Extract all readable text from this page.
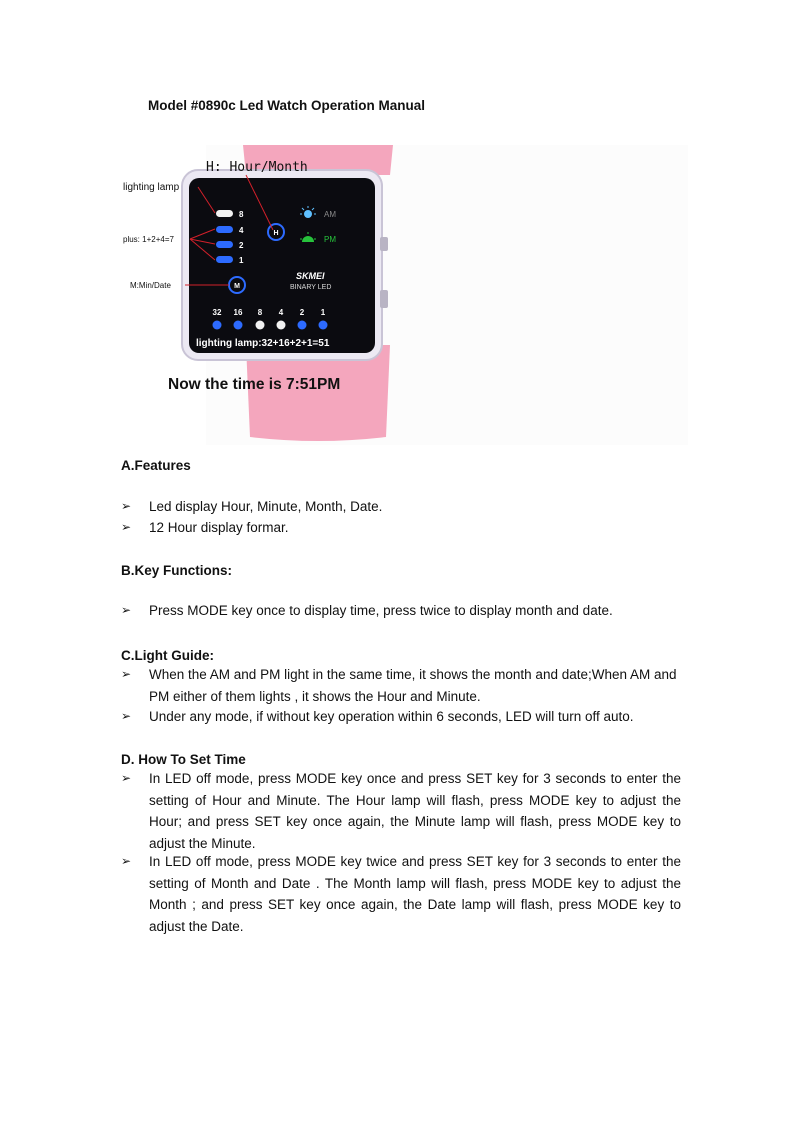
Model #0890c Led Watch Operation Manual
8
4
2
1
H
M
AM
PM
SKMEI
BINARY LED
32 16 8 4 2 1
lighting lamp:32+16+2+1=51
H: Hour/Month
lighting lamp
plus: 1+2+4=7
M:Min/Date
Now the time is 7:51PM
A.Features
➢ Led display Hour, Minute, Month, Date.
➢ 12 Hour display formar.
B.Key Functions:
➢ Press MODE key once to display time, press twice to display month and date.
C.Light Guide:
➢ When the AM and PM light in the same time, it shows the month and date;When AM and PM either of them lights , it shows the Hour and Minute.
➢ Under any mode, if without key operation within 6 seconds, LED will turn off auto.
D. How To Set Time
➢ In LED off mode, press MODE key once and press SET key for 3 seconds to enter the setting of Hour and Minute. The Hour lamp will flash, press MODE key to adjust the Hour; and press SET key once again, the Minute lamp will flash, press MODE key to adjust the Minute.
➢ In LED off mode, press MODE key twice and press SET key for 3 seconds to enter the setting of Month and Date . The Month lamp will flash, press MODE key to adjust the Month ; and press SET key once again, the Date lamp will flash, press MODE key to adjust the Date.
